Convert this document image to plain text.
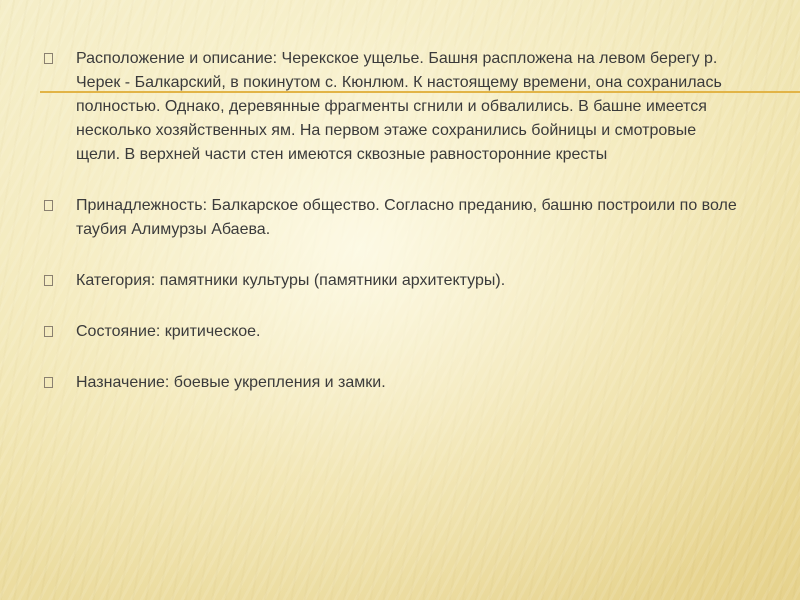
Расположение и описание: Черекское ущелье. Башня распложена на левом берегу р. Черек - Балкарский, в покинутом с. Кюнлюм. К настоящему времени, она сохранилась полностью. Однако, деревянные фрагменты сгнили и обвалились. В башне имеется несколько хозяйственных ям. На первом этаже сохранились бойницы и смотровые щели. В верхней части стен имеются сквозные равносторонние кресты
Принадлежность: Балкарское общество. Согласно преданию, башню построили по воле таубия Алимурзы Абаева.
Категория: памятники культуры (памятники архитектуры).
Состояние: критическое.
Назначение: боевые укрепления и замки.
